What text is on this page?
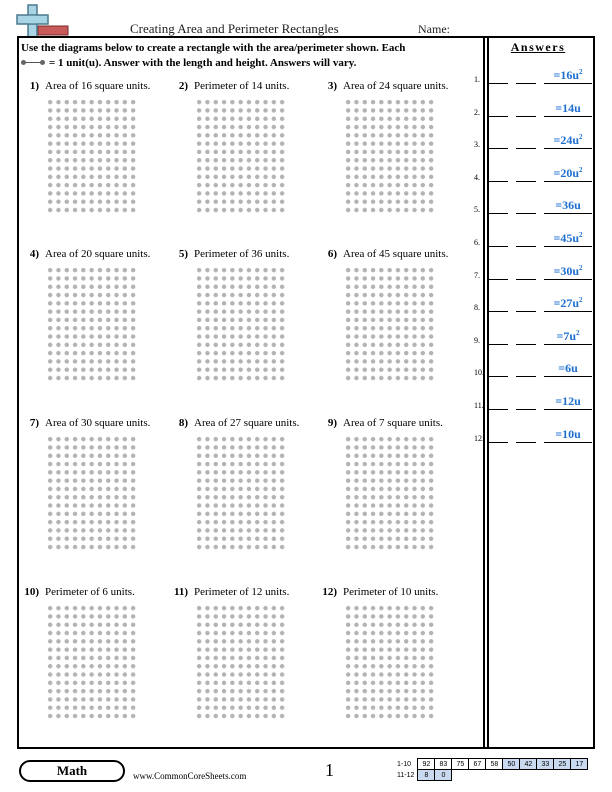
Creating Area and Perimeter Rectangles	Name:
Use the diagrams below to create a rectangle with the area/perimeter shown. Each
= 1 unit(u). Answer with the length and height. Answers will vary.
1) Area of 16 square units.	2) Perimeter of 14 units.	3) Area of 24 square units.
4) Area of 20 square units.	5) Perimeter of 36 units.	6) Area of 45 square units.
7) Area of 30 square units.	8) Area of 27 square units.	9) Area of 7 square units.
10) Perimeter of 6 units.	11) Perimeter of 12 units.	12) Perimeter of 10 units.
Answers
1.	$=16u^2$
2.	=14u
3.	$=24u^2$
4.	$=20u^2$
5.	=36u
6.	$=45u^2$
7.	$=30u^2$
8.	$=27u^2$
9.	$=7u^2$
10.	=6u
11.	=12u
12.	=10u
Math	www.CommonCoreSheets.com	1	1-10	92	83	75	67	58	50	42	33	25	17
11-12	8	0								
